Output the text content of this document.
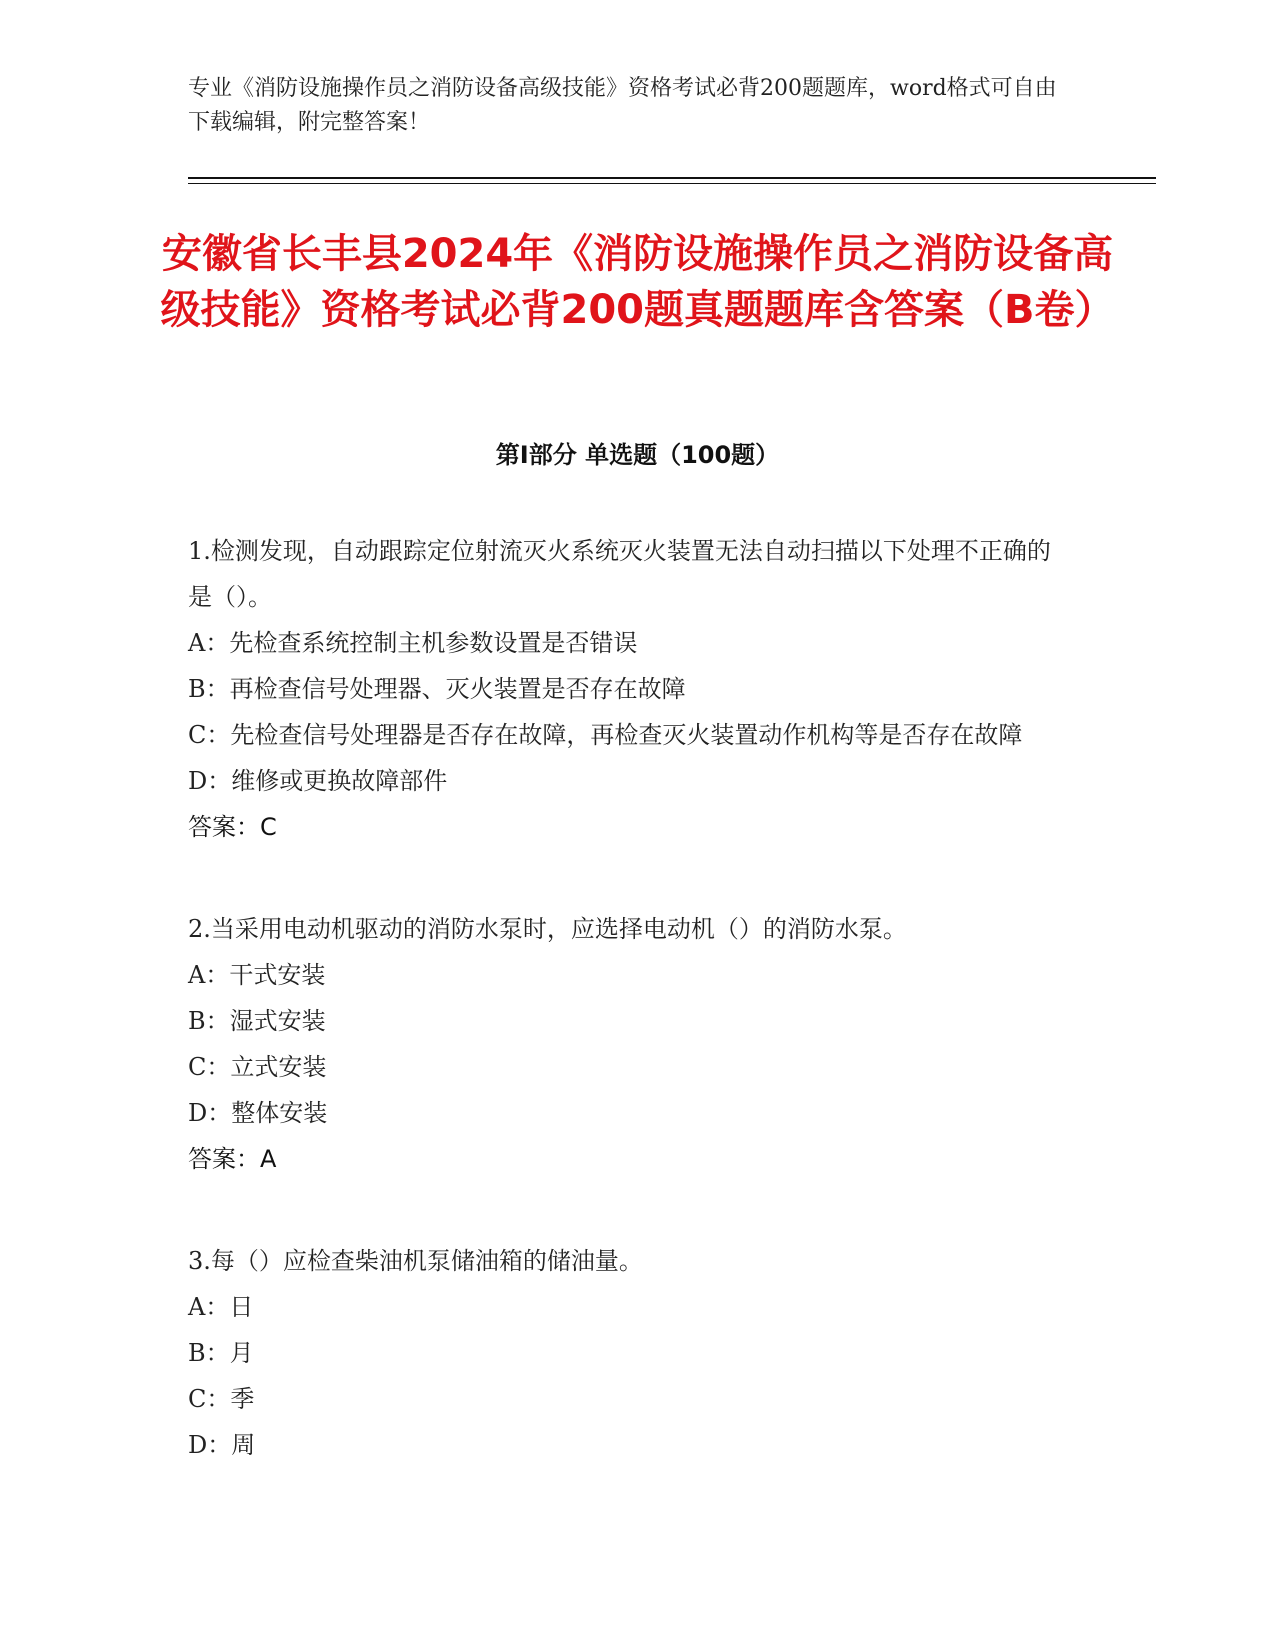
专业《消防设施操作员之消防设备高级技能》资格考试必背200题题库，word格式可自由下载编辑，附完整答案！

安徽省长丰县2024年《消防设施操作员之消防设备高级技能》资格考试必背200题真题题库含答案（B卷）
第Ⅰ部分 单选题（100题）

1.检测发现，自动跟踪定位射流灭火系统灭火装置无法自动扫描以下处理不正确的是（）。

A：先检查系统控制主机参数设置是否错误

B：再检查信号处理器、灭火装置是否存在故障

C：先检查信号处理器是否存在故障，再检查灭火装置动作机构等是否存在故障

D：维修或更换故障部件

答案：C

2.当采用电动机驱动的消防水泵时，应选择电动机（）的消防水泵。

A：干式安装

B：湿式安装

C：立式安装

D：整体安装

答案：A

3.每（）应检查柴油机泵储油箱的储油量。

A：日

B：月

C：季

D：周
